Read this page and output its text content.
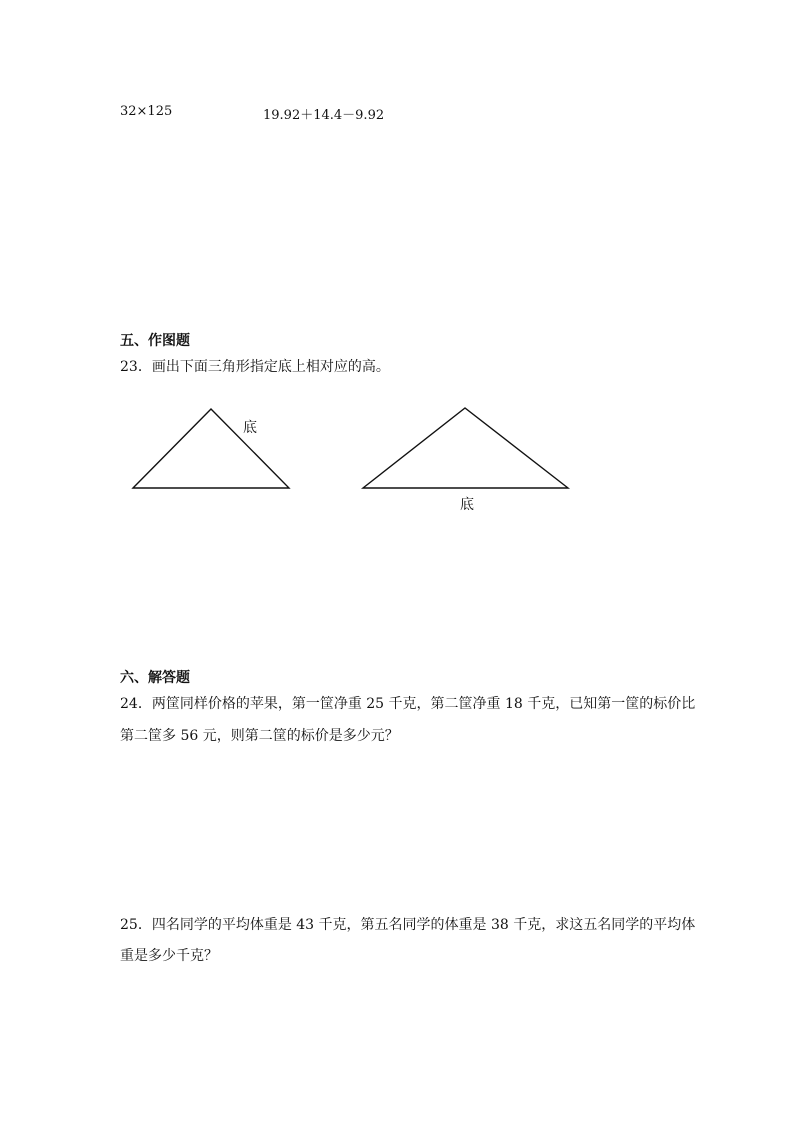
32×125	19.92＋14.4－9.92
五、作图题
23．画出下面三角形指定底上相对应的高。
底
底
六、解答题
24．两筐同样价格的苹果，第一筐净重 25 千克，第二筐净重 18 千克，已知第一筐的标价比
第二筐多 56 元，则第二筐的标价是多少元？
25．四名同学的平均体重是 43 千克，第五名同学的体重是 38 千克，求这五名同学的平均体
重是多少千克？
